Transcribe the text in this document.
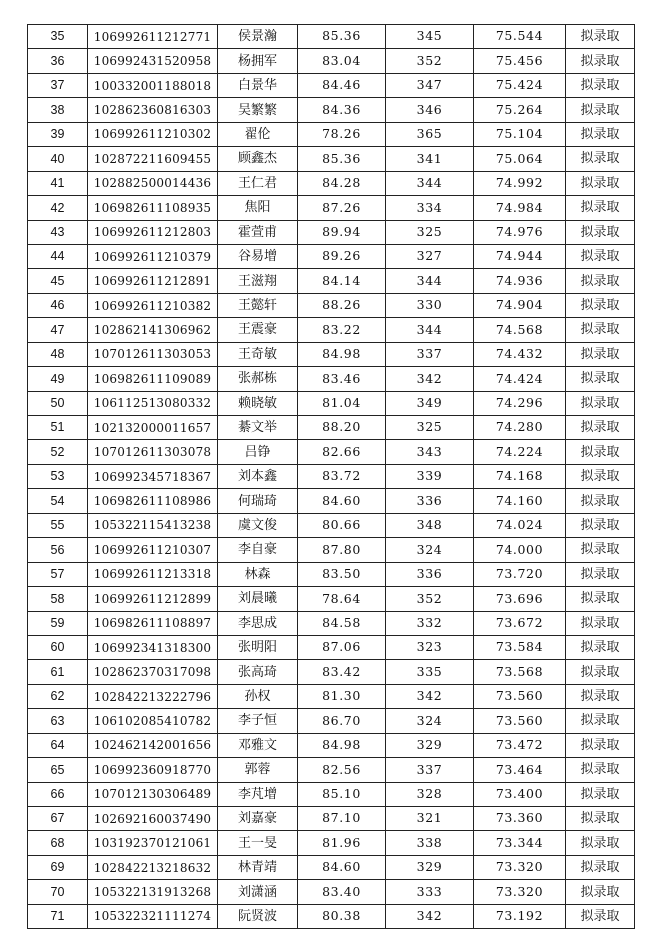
35	106992611212771	侯景瀚	85.36	345	75.544	拟录取
36	106992431520958	杨拥军	83.04	352	75.456	拟录取
37	100332001188018	白景华	84.46	347	75.424	拟录取
38	102862360816303	吴繁繁	84.36	346	75.264	拟录取
39	106992611210302	翟伦	78.26	365	75.104	拟录取
40	102872211609455	顾鑫杰	85.36	341	75.064	拟录取
41	102882500014436	王仁君	84.28	344	74.992	拟录取
42	106982611108935	焦阳	87.26	334	74.984	拟录取
43	106992611212803	霍萱甫	89.94	325	74.976	拟录取
44	106992611210379	谷易增	89.26	327	74.944	拟录取
45	106992611212891	王滋翔	84.14	344	74.936	拟录取
46	106992611210382	王懿轩	88.26	330	74.904	拟录取
47	102862141306962	王震豪	83.22	344	74.568	拟录取
48	107012611303053	王奇敏	84.98	337	74.432	拟录取
49	106982611109089	张郝栋	83.46	342	74.424	拟录取
50	106112513080332	赖晓敏	81.04	349	74.296	拟录取
51	102132000011657	綦文举	88.20	325	74.280	拟录取
52	107012611303078	吕铮	82.66	343	74.224	拟录取
53	106992345718367	刘本鑫	83.72	339	74.168	拟录取
54	106982611108986	何瑞琦	84.60	336	74.160	拟录取
55	105322115413238	虞文俊	80.66	348	74.024	拟录取
56	106992611210307	李自豪	87.80	324	74.000	拟录取
57	106992611213318	林森	83.50	336	73.720	拟录取
58	106992611212899	刘晨曦	78.64	352	73.696	拟录取
59	106982611108897	李思成	84.58	332	73.672	拟录取
60	106992341318300	张明阳	87.06	323	73.584	拟录取
61	102862370317098	张高琦	83.42	335	73.568	拟录取
62	102842213222796	孙权	81.30	342	73.560	拟录取
63	106102085410782	李子恒	86.70	324	73.560	拟录取
64	102462142001656	邓雅文	84.98	329	73.472	拟录取
65	106992360918770	郭蓉	82.56	337	73.464	拟录取
66	107012130306489	李芃增	85.10	328	73.400	拟录取
67	102692160037490	刘嘉豪	87.10	321	73.360	拟录取
68	103192370121061	王一旻	81.96	338	73.344	拟录取
69	102842213218632	林青靖	84.60	329	73.320	拟录取
70	105322131913268	刘潇涵	83.40	333	73.320	拟录取
71	105322321111274	阮贤波	80.38	342	73.192	拟录取
